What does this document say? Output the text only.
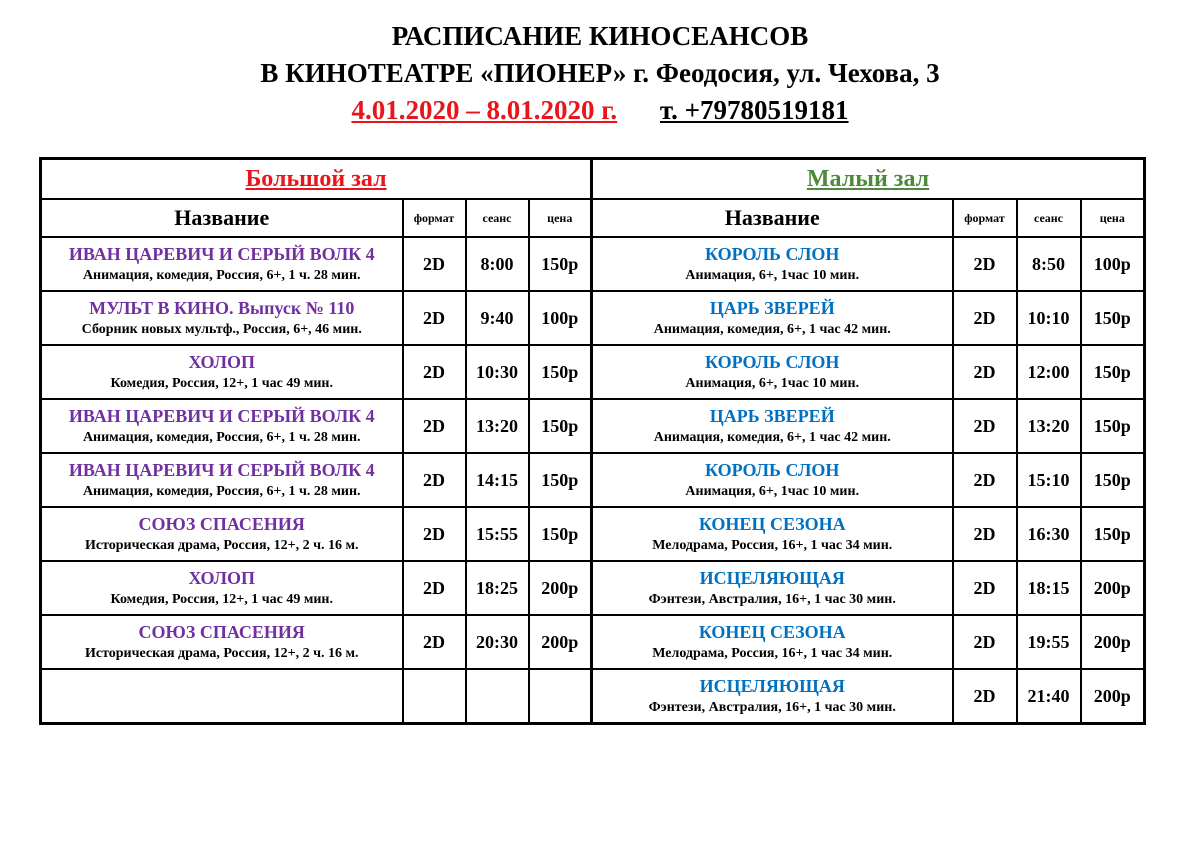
РАСПИСАНИЕ КИНОСЕАНСОВ
В КИНОТЕАТРЕ «ПИОНЕР» г. Феодосия, ул. Чехова, 3
4.01.2020 – 8.01.2020 г. т. +79780519181
Большой зал			
Название	формат	сеанс	цена

ИВАН ЦАРЕВИЧ И СЕРЫЙ ВОЛК 4
Анимация, комедия, Россия, 6+, 1 ч. 28 мин.	2D	8:00	150р

МУЛЬТ В КИНО. Выпуск № 110
Сборник новых мультф., Россия, 6+, 46 мин.	2D	9:40	100р

ХОЛОП
Комедия, Россия, 12+, 1 час 49 мин.	2D	10:30	150р

ИВАН ЦАРЕВИЧ И СЕРЫЙ ВОЛК 4
Анимация, комедия, Россия, 6+, 1 ч. 28 мин.	2D	13:20	150р

ИВАН ЦАРЕВИЧ И СЕРЫЙ ВОЛК 4
Анимация, комедия, Россия, 6+, 1 ч. 28 мин.	2D	14:15	150р

СОЮЗ СПАСЕНИЯ
Историческая драма, Россия, 12+, 2 ч. 16 м.	2D	15:55	150р

ХОЛОП
Комедия, Россия, 12+, 1 час 49 мин.	2D	18:25	200р

СОЮЗ СПАСЕНИЯ
Историческая драма, Россия, 12+, 2 ч. 16 м.	2D	20:30	200р

Малый зал			
Название	формат	сеанс	цена

КОРОЛЬ СЛОН
Анимация, 6+, 1час 10 мин.	2D	8:50	100р

ЦАРЬ ЗВЕРЕЙ
Анимация, комедия, 6+, 1 час 42 мин.	2D	10:10	150р

КОРОЛЬ СЛОН
Анимация, 6+, 1час 10 мин.	2D	12:00	150р

ЦАРЬ ЗВЕРЕЙ
Анимация, комедия, 6+, 1 час 42 мин.	2D	13:20	150р

КОРОЛЬ СЛОН
Анимация, 6+, 1час 10 мин.	2D	15:10	150р

КОНЕЦ СЕЗОНА
Мелодрама, Россия, 16+, 1 час 34 мин.	2D	16:30	150р

ИСЦЕЛЯЮЩАЯ
Фэнтези, Австралия, 16+, 1 час 30 мин.	2D	18:15	200р

КОНЕЦ СЕЗОНА
Мелодрама, Россия, 16+, 1 час 34 мин.	2D	19:55	200р

ИСЦЕЛЯЮЩАЯ
Фэнтези, Австралия, 16+, 1 час 30 мин.	2D	21:40	200р
